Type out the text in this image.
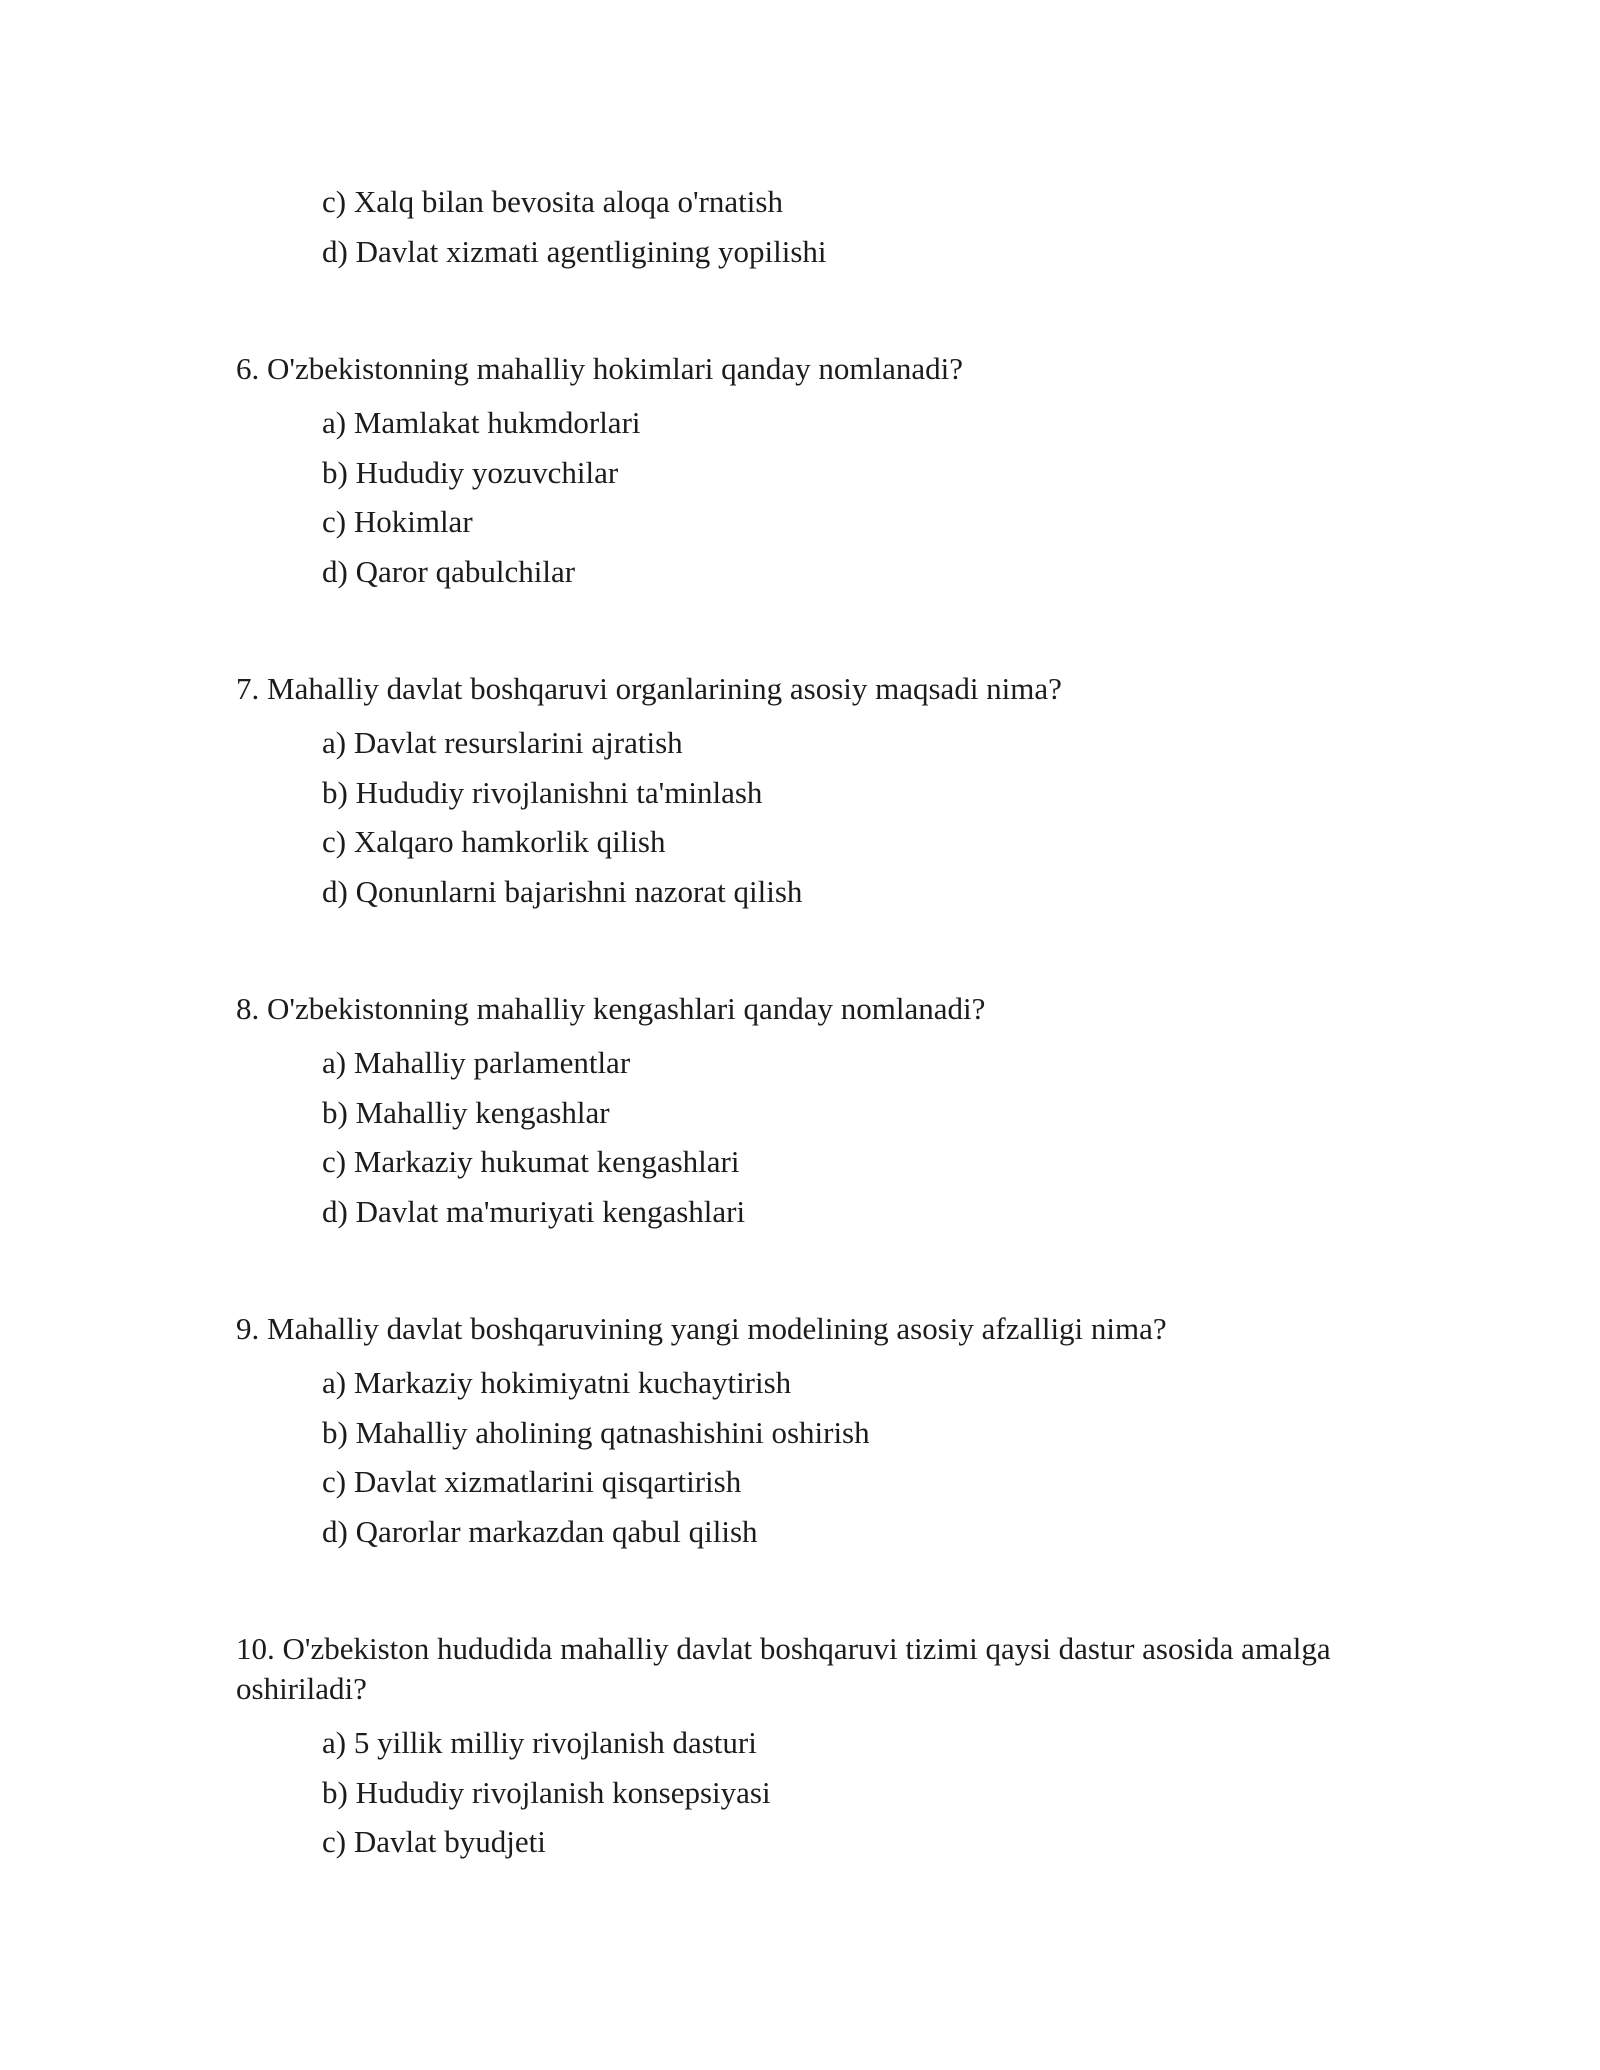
c) Xalq bilan bevosita aloqa o'rnatish
d) Davlat xizmati agentligining yopilishi

6. O'zbekistonning mahalliy hokimlari qanday nomlanadi?

a) Mamlakat hukmdorlari
b) Hududiy yozuvchilar
c) Hokimlar
d) Qaror qabulchilar

7. Mahalliy davlat boshqaruvi organlarining asosiy maqsadi nima?

a) Davlat resurslarini ajratish
b) Hududiy rivojlanishni ta'minlash
c) Xalqaro hamkorlik qilish
d) Qonunlarni bajarishni nazorat qilish

8. O'zbekistonning mahalliy kengashlari qanday nomlanadi?

a) Mahalliy parlamentlar
b) Mahalliy kengashlar
c) Markaziy hukumat kengashlari
d) Davlat ma'muriyati kengashlari

9. Mahalliy davlat boshqaruvining yangi modelining asosiy afzalligi nima?

a) Markaziy hokimiyatni kuchaytirish
b) Mahalliy aholining qatnashishini oshirish
c) Davlat xizmatlarini qisqartirish
d) Qarorlar markazdan qabul qilish

10. O'zbekiston hududida mahalliy davlat boshqaruvi tizimi qaysi dastur asosida amalga oshiriladi?

a) 5 yillik milliy rivojlanish dasturi
b) Hududiy rivojlanish konsepsiyasi
c) Davlat byudjeti
